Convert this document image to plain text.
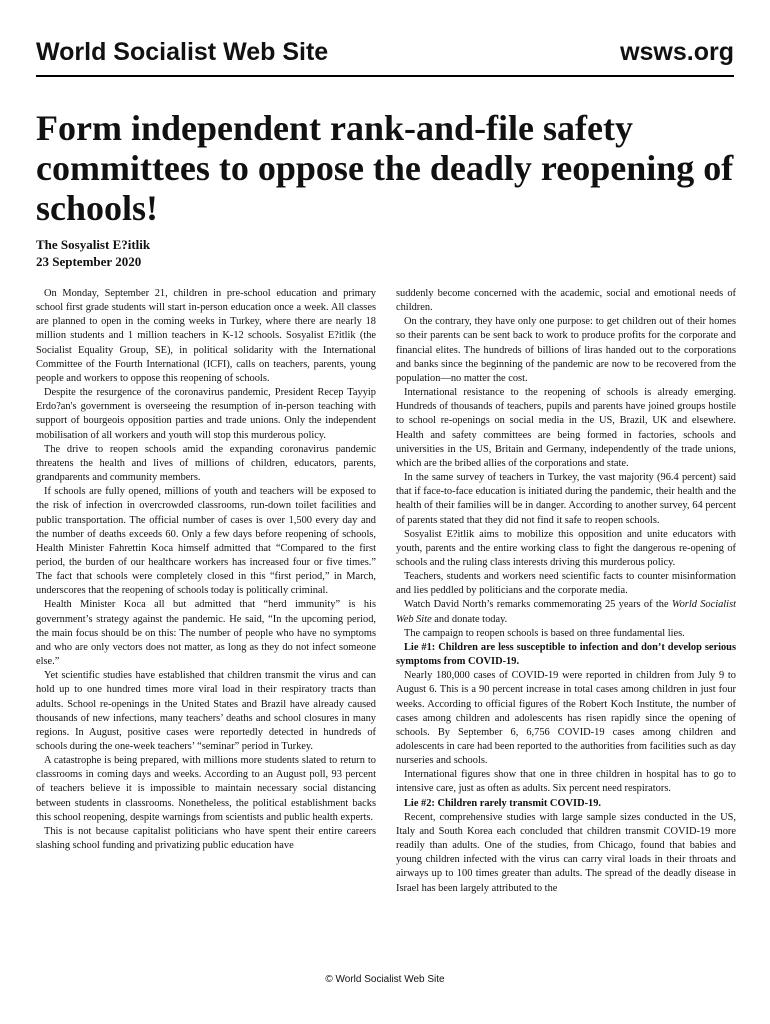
World Socialist Web Site	wsws.org
Form independent rank-and-file safety committees to oppose the deadly reopening of schools!
The Sosyalist E?itlik
23 September 2020

On Monday, September 21, children in pre-school education and primary school first grade students will start in-person education once a week. All classes are planned to open in the coming weeks in Turkey, where there are nearly 18 million students and 1 million teachers in K-12 schools. Sosyalist E?itlik (the Socialist Equality Group, SE), in political solidarity with the International Committee of the Fourth International (ICFI), calls on teachers, parents, young people and workers to oppose this reopening of schools.

Despite the resurgence of the coronavirus pandemic, President Recep Tayyip Erdo?an's government is overseeing the resumption of in-person teaching with support of bourgeois opposition parties and trade unions. Only the independent mobilisation of all workers and youth will stop this murderous policy.

The drive to reopen schools amid the expanding coronavirus pandemic threatens the health and lives of millions of children, educators, parents, grandparents and community members.

If schools are fully opened, millions of youth and teachers will be exposed to the risk of infection in overcrowded classrooms, run-down toilet facilities and public transportation. The official number of cases is over 1,500 every day and the number of deaths exceeds 60. Only a few days before reopening of schools, Health Minister Fahrettin Koca himself admitted that “Compared to the first period, the burden of our healthcare workers has increased four or five times.” The fact that schools were completely closed in this “first period,” in March, underscores that the reopening of schools today is politically criminal.

Health Minister Koca all but admitted that “herd immunity” is his government’s strategy against the pandemic. He said, “In the upcoming period, the main focus should be on this: The number of people who have no symptoms and who are only vectors does not matter, as long as they do not infect someone else.”

Yet scientific studies have established that children transmit the virus and can hold up to one hundred times more viral load in their respiratory tracts than adults. School re-openings in the United States and Brazil have already caused thousands of new infections, many teachers’ deaths and school closures in many regions. In August, positive cases were reportedly detected in hundreds of schools during the one-week teachers’ “seminar” period in Turkey.

A catastrophe is being prepared, with millions more students slated to return to classrooms in coming days and weeks. According to an August poll, 93 percent of teachers believe it is impossible to maintain necessary social distancing between students in classrooms. Nonetheless, the political establishment backs this school reopening, despite warnings from scientists and public health experts.

This is not because capitalist politicians who have spent their entire careers slashing school funding and privatizing public education have

suddenly become concerned with the academic, social and emotional needs of children.

On the contrary, they have only one purpose: to get children out of their homes so their parents can be sent back to work to produce profits for the corporate and financial elites. The hundreds of billions of liras handed out to the corporations and banks since the beginning of the pandemic are now to be recovered from the population—no matter the cost.

International resistance to the reopening of schools is already emerging. Hundreds of thousands of teachers, pupils and parents have joined groups hostile to school re-openings on social media in the US, Brazil, UK and elsewhere. Health and safety committees are being formed in factories, schools and universities in the US, Britain and Germany, independently of the trade unions, which are the bribed allies of the corporations and state.

In the same survey of teachers in Turkey, the vast majority (96.4 percent) said that if face-to-face education is initiated during the pandemic, their health and the health of their families will be in danger. According to another survey, 64 percent of parents stated that they did not find it safe to reopen schools.

Sosyalist E?itlik aims to mobilize this opposition and unite educators with youth, parents and the entire working class to fight the dangerous re-opening of schools and the ruling class interests driving this murderous policy.

Teachers, students and workers need scientific facts to counter misinformation and lies peddled by politicians and the corporate media.

Watch David North’s remarks commemorating 25 years of the World Socialist Web Site and donate today.

The campaign to reopen schools is based on three fundamental lies.

Lie #1: Children are less susceptible to infection and don’t develop serious symptoms from COVID-19.

Nearly 180,000 cases of COVID-19 were reported in children from July 9 to August 6. This is a 90 percent increase in total cases among children in just four weeks. According to official figures of the Robert Koch Institute, the number of cases among children and adolescents has risen rapidly since the opening of schools. By September 6, 6,756 COVID-19 cases among children and adolescents in care had been reported to the authorities from facilities such as day nurseries and schools.

International figures show that one in three children in hospital has to go to intensive care, just as often as adults. Six percent need respirators.

Lie #2: Children rarely transmit COVID-19.

Recent, comprehensive studies with large sample sizes conducted in the US, Italy and South Korea each concluded that children transmit COVID-19 more readily than adults. One of the studies, from Chicago, found that babies and young children infected with the virus can carry viral loads in their throats and airways up to 100 times greater than adults. The spread of the deadly disease in Israel has been largely attributed to the

© World Socialist Web Site
